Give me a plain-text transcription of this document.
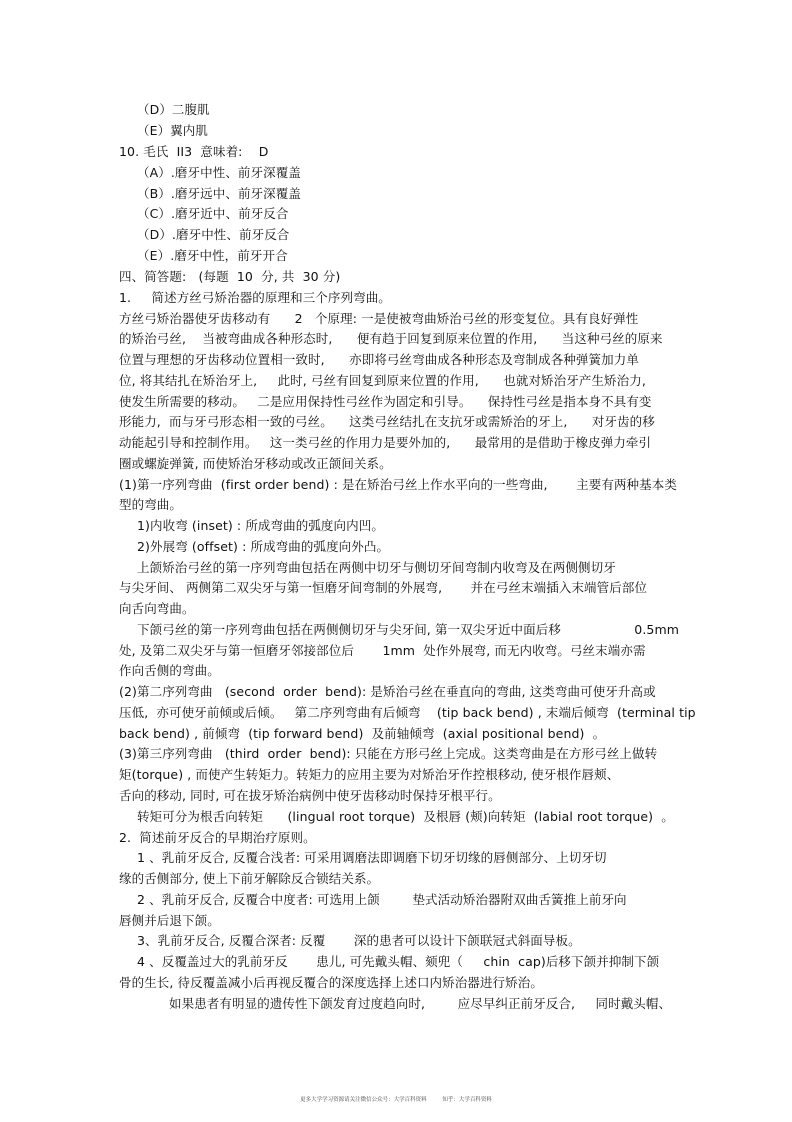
（D）二腹肌
（E）翼内肌
10. 毛氏  II3  意味着:    D
（A）.磨牙中性、前牙深覆盖
（B）.磨牙远中、前牙深覆盖
（C）.磨牙近中、前牙反合
（D）.磨牙中性、前牙反合
（E）.磨牙中性，前牙开合
四、简答题:   (每题  10  分, 共  30 分)
1.     简述方丝弓矫治器的原理和三个序列弯曲。
方丝弓矫治器使牙齿移动有      2   个原理: 一是使被弯曲矫治弓丝的形变复位。具有良好弹性
的矫治弓丝,    当被弯曲成各种形态时,      便有趋于回复到原来位置的作用,      当这种弓丝的原来
位置与理想的牙齿移动位置相一致时,      亦即将弓丝弯曲成各种形态及弯制成各种弹簧加力单
位, 将其结扎在矫治牙上,     此时, 弓丝有回复到原来位置的作用,      也就对矫治牙产生矫治力,
使发生所需要的移动。   二是应用保持性弓丝作为固定和引导。    保持性弓丝是指本身不具有变
形能力,  而与牙弓形态相一致的弓丝。    这类弓丝结扎在支抗牙或需矫治的牙上,      对牙齿的移
动能起引导和控制作用。   这一类弓丝的作用力是要外加的,      最常用的是借助于橡皮弹力牵引
圈或螺旋弹簧, 而使矫治牙移动或改正颌间关系。
(1)第一序列弯曲  (first order bend) : 是在矫治弓丝上作水平向的一些弯曲,       主要有两种基本类
型的弯曲。
1)内收弯 (inset) : 所成弯曲的弧度向内凹。
2)外展弯 (offset) : 所成弯曲的弧度向外凸。
上颌矫治弓丝的第一序列弯曲包括在两侧中切牙与侧切牙间弯制内收弯及在两侧侧切牙
与尖牙间、 两侧第二双尖牙与第一恒磨牙间弯制的外展弯,       并在弓丝末端插入末端管后部位
向舌向弯曲。
下颌弓丝的第一序列弯曲包括在两侧侧切牙与尖牙间, 第一双尖牙近中面后移                  0.5mm
处, 及第二双尖牙与第一恒磨牙邻接部位后       1mm  处作外展弯, 而无内收弯。弓丝末端亦需
作向舌侧的弯曲。
(2)第二序列弯曲   (second  order  bend): 是矫治弓丝在垂直向的弯曲, 这类弯曲可使牙升高或
压低,  亦可使牙前倾或后倾。   第二序列弯曲有后倾弯    (tip back bend) , 末端后倾弯  (terminal tip
back bend) , 前倾弯  (tip forward bend)  及前轴倾弯  (axial positional bend)  。
(3)第三序列弯曲   (third  order  bend): 只能在方形弓丝上完成。这类弯曲是在方形弓丝上做转
矩(torque) , 而使产生转矩力。转矩力的应用主要为对矫治牙作控根移动, 使牙根作唇颊、
舌向的移动, 同时, 可在拔牙矫治病例中使牙齿移动时保持牙根平行。
转矩可分为根舌向转矩      (lingual root torque)  及根唇 (颊)向转矩  (labial root torque)  。
2.  简述前牙反合的早期治疗原则。
1 、乳前牙反合, 反覆合浅者: 可采用调磨法即调磨下切牙切缘的唇侧部分、上切牙切
缘的舌侧部分, 使上下前牙解除反合锁结关系。
2 、乳前牙反合, 反覆合中度者: 可选用上颌        垫式活动矫治器附双曲舌簧推上前牙向
唇侧并后退下颌。
3、乳前牙反合, 反覆合深者: 反覆       深的患者可以设计下颌联冠式斜面导板。
4 、反覆盖过大的乳前牙反       患儿, 可先戴头帽、颏兜（     chin  cap)后移下颌并抑制下颌
骨的生长, 待反覆盖减小后再视反覆合的深度选择上述口内矫治器进行矫治。
如果患者有明显的遗传性下颌发育过度趋向时,        应尽早纠正前牙反合,     同时戴头帽、
更多大学学习资源请关注微信公众号：大学百科资料         知乎：大学百科资料
